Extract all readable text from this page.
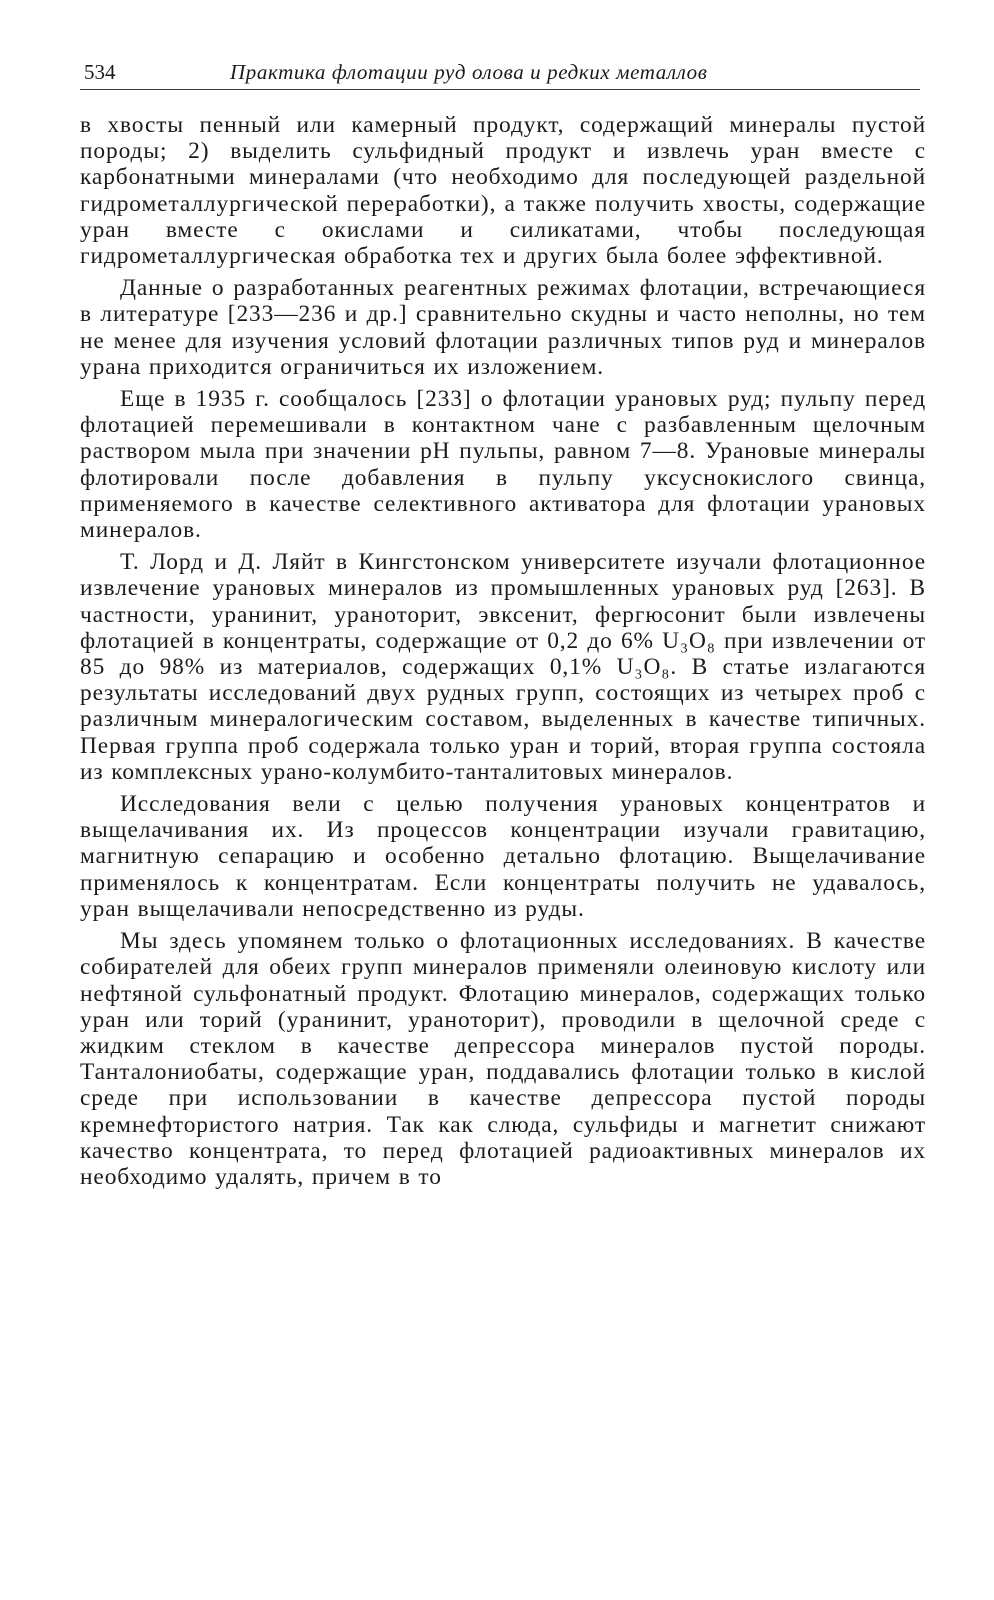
534	Практика флотации руд олова и редких металлов

в хвосты пенный или камерный продукт, содержащий минералы пустой породы; 2) выделить сульфидный продукт и извлечь уран вместе с карбонатными минералами (что необходимо для последующей раздельной гидрометаллургической переработки), а также получить хвосты, содержащие уран вместе с окислами и силикатами, чтобы последующая гидрометаллургическая обработка тех и других была более эффективной.

Данные о разработанных реагентных режимах флотации, встречающиеся в литературе [233—236 и др.] сравнительно скудны и часто неполны, но тем не менее для изучения условий флотации различных типов руд и минералов урана приходится ограничиться их изложением.

Еще в 1935 г. сообщалось [233] о флотации урановых руд; пульпу перед флотацией перемешивали в контактном чане с разбавленным щелочным раствором мыла при значении pH пульпы, равном 7—8. Урановые минералы флотировали после добавления в пульпу уксуснокислого свинца, применяемого в качестве селективного активатора для флотации урановых минералов.

Т. Лорд и Д. Ляйт в Кингстонском университете изучали флотационное извлечение урановых минералов из промышленных урановых руд [263]. В частности, уранинит, ураноторит, эвксенит, фергюсонит были извлечены флотацией в концентраты, содержащие от 0,2 до 6% U₃O₈ при извлечении от 85 до 98% из материалов, содержащих 0,1% U₃O₈. В статье излагаются результаты исследований двух рудных групп, состоящих из четырех проб с различным минералогическим составом, выделенных в качестве типичных. Первая группа проб содержала только уран и торий, вторая группа состояла из комплексных урано-колумбито-танталитовых минералов.

Исследования вели с целью получения урановых концентратов и выщелачивания их. Из процессов концентрации изучали гравитацию, магнитную сепарацию и особенно детально флотацию. Выщелачивание применялось к концентратам. Если концентраты получить не удавалось, уран выщелачивали непосредственно из руды.

Мы здесь упомянем только о флотационных исследованиях. В качестве собирателей для обеих групп минералов применяли олеиновую кислоту или нефтяной сульфонатный продукт. Флотацию минералов, содержащих только уран или торий (уранинит, ураноторит), проводили в щелочной среде с жидким стеклом в качестве депрессора минералов пустой породы. Танталониобаты, содержащие уран, поддавались флотации только в кислой среде при использовании в качестве депрессора пустой породы кремнефтористого натрия. Так как слюда, сульфиды и магнетит снижают качество концентрата, то перед флотацией радиоактивных минералов их необходимо удалять, причем в то
